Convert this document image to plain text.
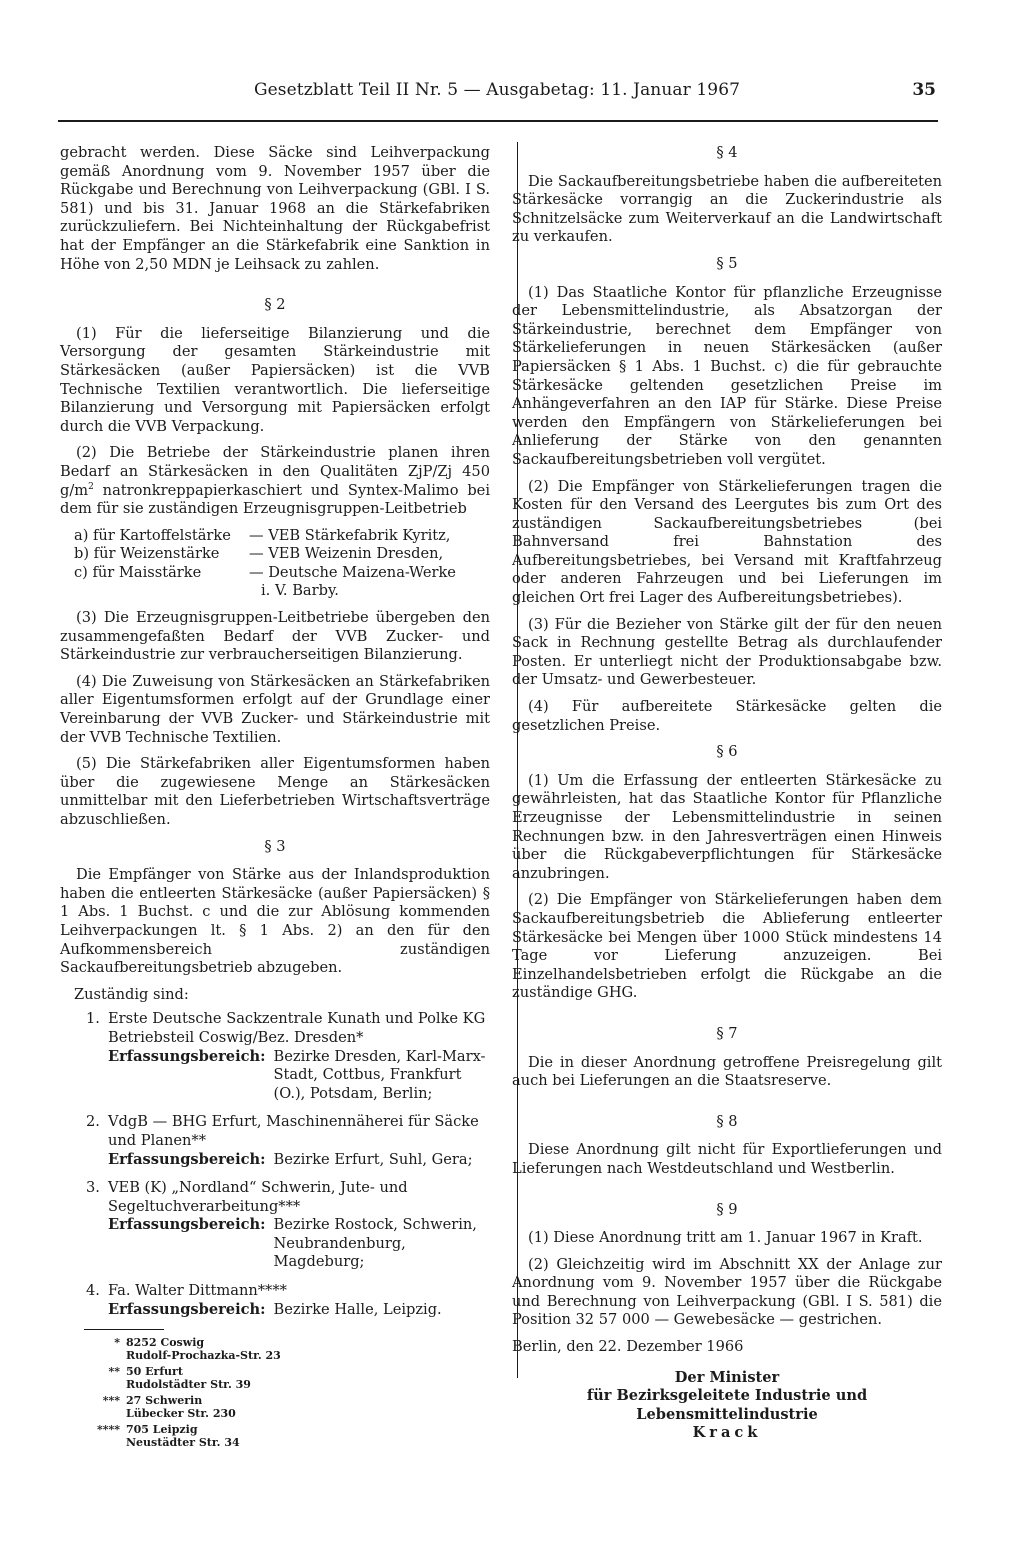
Gesetzblatt Teil II Nr. 5 — Ausgabetag: 11. Januar 1967	35

gebracht werden. Diese Säcke sind Leihverpackung gemäß Anordnung vom 9. November 1957 über die Rückgabe und Berechnung von Leihverpackung (GBl. I S. 581) und bis 31. Januar 1968 an die Stärkefabriken zurückzuliefern. Bei Nichteinhaltung der Rückgabefrist hat der Empfänger an die Stärkefabrik eine Sanktion in Höhe von 2,50 MDN je Leihsack zu zahlen.

§ 2

(1) Für die lieferseitige Bilanzierung und die Versorgung der gesamten Stärkeindustrie mit Stärkesäcken (außer Papiersäcken) ist die VVB Technische Textilien verantwortlich. Die lieferseitige Bilanzierung und Versorgung mit Papiersäcken erfolgt durch die VVB Verpackung.

(2) Die Betriebe der Stärkeindustrie planen ihren Bedarf an Stärkesäcken in den Qualitäten ZjP/Zj 450 $g/m^2$ natronkreppapierkaschiert und Syntex-Malimo bei dem für sie zuständigen Erzeugnisgruppen-Leitbetrieb

a) für Kartoffelstärke	— VEB Stärkefabrik Kyritz,
b) für Weizenstärke	— VEB Weizenin Dresden,
c) für Maisstärke	— Deutsche Maizena-Werke
i. V. Barby.

(3) Die Erzeugnisgruppen-Leitbetriebe übergeben den zusammengefaßten Bedarf der VVB Zucker- und Stärkeindustrie zur verbraucherseitigen Bilanzierung.

(4) Die Zuweisung von Stärkesäcken an Stärkefabriken aller Eigentumsformen erfolgt auf der Grundlage einer Vereinbarung der VVB Zucker- und Stärkeindustrie mit der VVB Technische Textilien.

(5) Die Stärkefabriken aller Eigentumsformen haben über die zugewiesene Menge an Stärkesäcken unmittelbar mit den Lieferbetrieben Wirtschaftsverträge abzuschließen.

§ 3

Die Empfänger von Stärke aus der Inlandsproduktion haben die entleerten Stärkesäcke (außer Papiersäcken) § 1 Abs. 1 Buchst. c und die zur Ablösung kommenden Leihverpackungen lt. § 1 Abs. 2) an den für den Aufkommensbereich zuständigen Sackaufbereitungsbetrieb abzugeben.

Zuständig sind:

1. Erste Deutsche Sackzentrale Kunath und Polke KG Betriebsteil Coswig/Bez. Dresden*
Erfassungsbereich: Bezirke Dresden, Karl-Marx-Stadt, Cottbus, Frankfurt (O.), Potsdam, Berlin;
2. VdgB — BHG Erfurt, Maschinennäherei für Säcke und Planen**
Erfassungsbereich: Bezirke Erfurt, Suhl, Gera;
3. VEB (K) „Nordland“ Schwerin, Jute- und Segeltuchverarbeitung***
Erfassungsbereich: Bezirke Rostock, Schwerin, Neubrandenburg, Magdeburg;
4. Fa. Walter Dittmann****
Erfassungsbereich: Bezirke Halle, Leipzig.
* 8252 Coswig
Rudolf-Prochazka-Str. 23
** 50 Erfurt
Rudolstädter Str. 39
*** 27 Schwerin
Lübecker Str. 230
**** 705 Leipzig
Neustädter Str. 34
§ 4

Die Sackaufbereitungsbetriebe haben die aufbereiteten Stärkesäcke vorrangig an die Zuckerindustrie als Schnitzelsäcke zum Weiterverkauf an die Landwirtschaft zu verkaufen.

§ 5

(1) Das Staatliche Kontor für pflanzliche Erzeugnisse der Lebensmittelindustrie, als Absatzorgan der Stärkeindustrie, berechnet dem Empfänger von Stärkelieferungen in neuen Stärkesäcken (außer Papiersäcken § 1 Abs. 1 Buchst. c) die für gebrauchte Stärkesäcke geltenden gesetzlichen Preise im Anhängeverfahren an den IAP für Stärke. Diese Preise werden den Empfängern von Stärkelieferungen bei Anlieferung der Stärke von den genannten Sackaufbereitungsbetrieben voll vergütet.

(2) Die Empfänger von Stärkelieferungen tragen die Kosten für den Versand des Leergutes bis zum Ort des zuständigen Sackaufbereitungsbetriebes (bei Bahnversand frei Bahnstation des Aufbereitungsbetriebes, bei Versand mit Kraftfahrzeug oder anderen Fahrzeugen und bei Lieferungen im gleichen Ort frei Lager des Aufbereitungsbetriebes).

(3) Für die Bezieher von Stärke gilt der für den neuen Sack in Rechnung gestellte Betrag als durchlaufender Posten. Er unterliegt nicht der Produktionsabgabe bzw. der Umsatz- und Gewerbesteuer.

(4) Für aufbereitete Stärkesäcke gelten die gesetzlichen Preise.

§ 6

(1) Um die Erfassung der entleerten Stärkesäcke zu gewährleisten, hat das Staatliche Kontor für Pflanzliche Erzeugnisse der Lebensmittelindustrie in seinen Rechnungen bzw. in den Jahresverträgen einen Hinweis über die Rückgabeverpflichtungen für Stärkesäcke anzubringen.

(2) Die Empfänger von Stärkelieferungen haben dem Sackaufbereitungsbetrieb die Ablieferung entleerter Stärkesäcke bei Mengen über 1000 Stück mindestens 14 Tage vor Lieferung anzuzeigen. Bei Einzelhandelsbetrieben erfolgt die Rückgabe an die zuständige GHG.

§ 7

Die in dieser Anordnung getroffene Preisregelung gilt auch bei Lieferungen an die Staatsreserve.

§ 8

Diese Anordnung gilt nicht für Exportlieferungen und Lieferungen nach Westdeutschland und Westberlin.

§ 9

(1) Diese Anordnung tritt am 1. Januar 1967 in Kraft.

(2) Gleichzeitig wird im Abschnitt XX der Anlage zur Anordnung vom 9. November 1957 über die Rückgabe und Berechnung von Leihverpackung (GBl. I S. 581) die Position 32 57 000 — Gewebesäcke — gestrichen.

Berlin, den 22. Dezember 1966

Der Minister
für Bezirksgeleitete Industrie und
Lebensmittelindustrie
Krack
